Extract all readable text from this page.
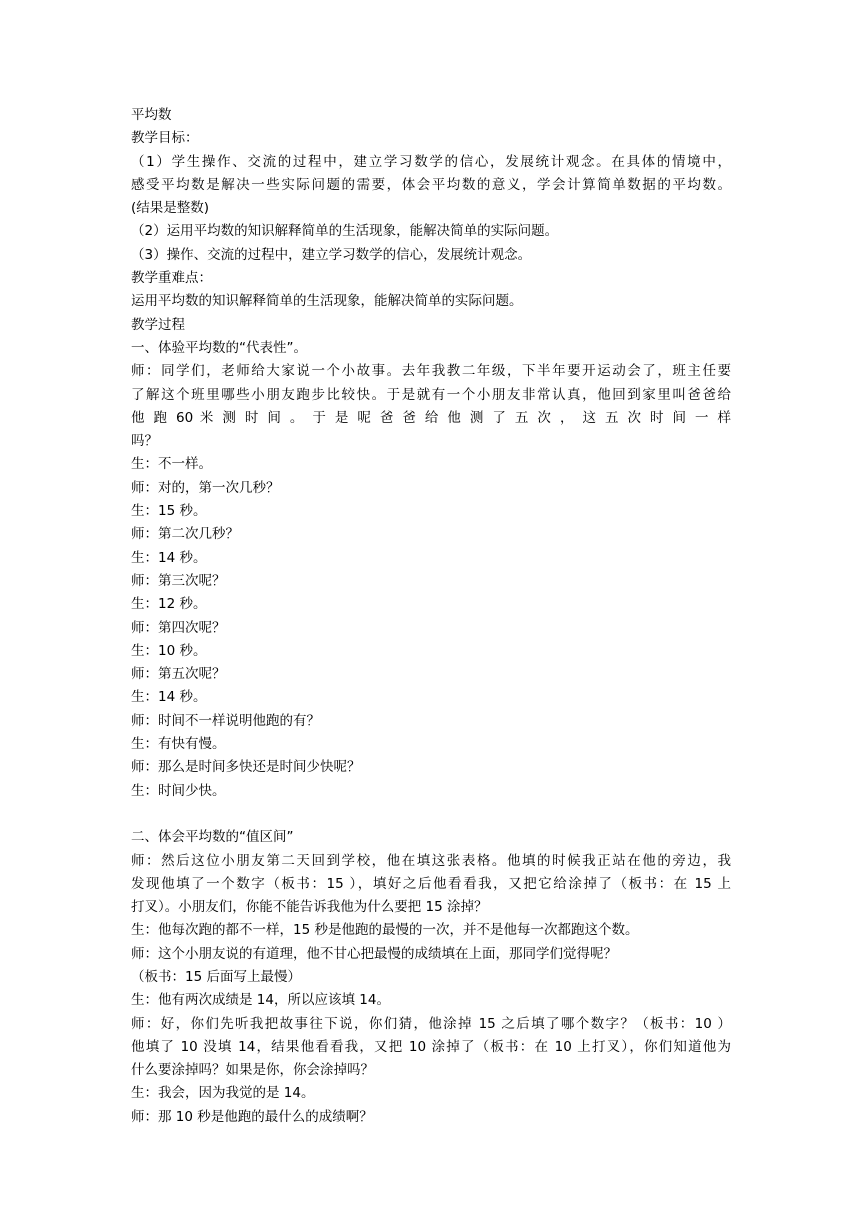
平均数
教学目标：
（1）学生操作、交流的过程中，建立学习数学的信心，发展统计观念。在具体的情境中，
感受平均数是解决一些实际问题的需要，体会平均数的意义，学会计算简单数据的平均数。
(结果是整数)
（2）运用平均数的知识解释简单的生活现象，能解决简单的实际问题。
（3）操作、交流的过程中，建立学习数学的信心，发展统计观念。
教学重难点：
运用平均数的知识解释简单的生活现象，能解决简单的实际问题。
教学过程
一、体验平均数的“代表性”。
师：同学们，老师给大家说一个小故事。去年我教二年级，下半年要开运动会了，班主任要
了解这个班里哪些小朋友跑步比较快。于是就有一个小朋友非常认真，他回到家里叫爸爸给
他 跑 60 米 测 时 间 。 于 是 呢 爸 爸 给 他 测 了 五 次 ， 这 五 次 时 间 一 样
吗？
生：不一样。
师：对的，第一次几秒？
生：15 秒。
师：第二次几秒？
生：14 秒。
师：第三次呢？
生：12 秒。
师：第四次呢？
生：10 秒。
师：第五次呢？
生：14 秒。
师：时间不一样说明他跑的有？
生：有快有慢。
师：那么是时间多快还是时间少快呢？
生：时间少快。
二、体会平均数的“值区间”
师：然后这位小朋友第二天回到学校，他在填这张表格。他填的时候我正站在他的旁边，我
发现他填了一个数字（板书：15 ），填好之后他看看我，又把它给涂掉了（板书：在 15 上
打叉）。小朋友们，你能不能告诉我他为什么要把 15 涂掉？
生：他每次跑的都不一样，15 秒是他跑的最慢的一次，并不是他每一次都跑这个数。
师：这个小朋友说的有道理，他不甘心把最慢的成绩填在上面，那同学们觉得呢？
（板书：15 后面写上最慢）
生：他有两次成绩是 14，所以应该填 14。
师：好，你们先听我把故事往下说，你们猜，他涂掉 15 之后填了哪个数字？（板书：10 ）
他填了 10 没填 14，结果他看看我，又把 10 涂掉了（板书：在 10 上打叉），你们知道他为
什么要涂掉吗？如果是你，你会涂掉吗？
生：我会，因为我觉的是 14。
师：那 10 秒是他跑的最什么的成绩啊？
